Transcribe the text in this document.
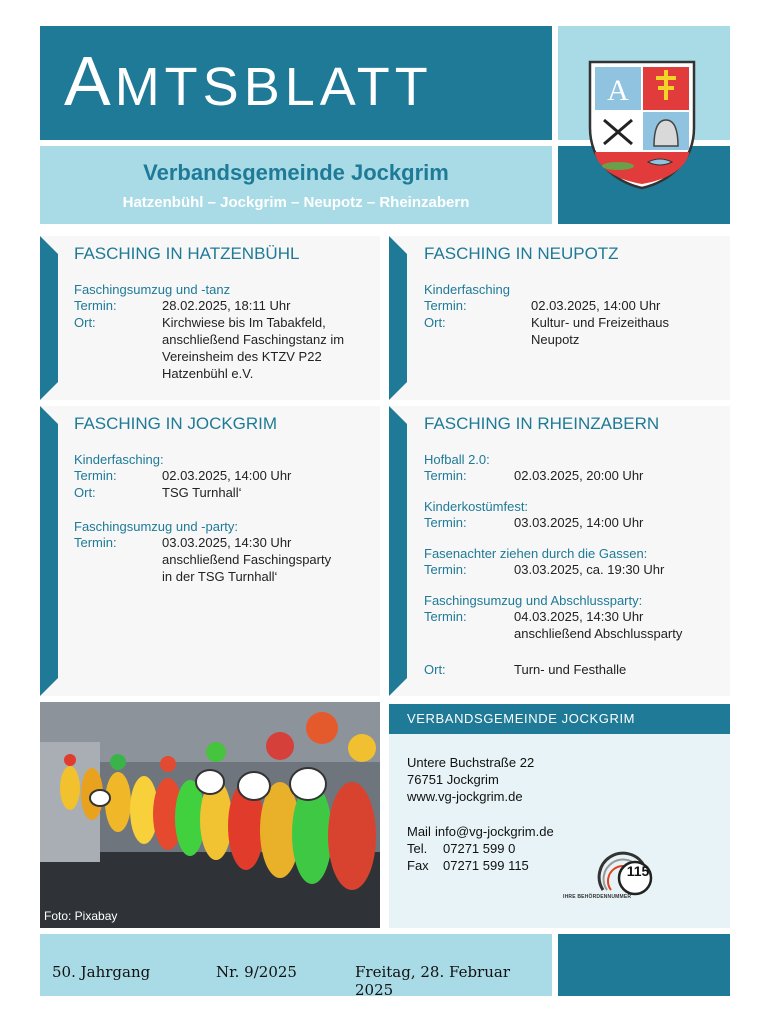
AMTSBLATT
Verbandsgemeinde Jockgrim
Hatzenbühl – Jockgrim – Neupotz – Rheinzabern
A
FASCHING IN HATZENBÜHL
Faschingsumzug und -tanz
Termin:	28.02.2025, 18:11 Uhr
Ort:	Kirchwiese bis Im Tabakfeld,
anschließend Faschingstanz im
Vereinsheim des KTZV P22
Hatzenbühl e.V.
FASCHING IN NEUPOTZ
Kinderfasching
Termin:	02.03.2025, 14:00 Uhr
Ort:	Kultur- und Freizeithaus
Neupotz
FASCHING IN JOCKGRIM
Kinderfasching:
Termin:	02.03.2025, 14:00 Uhr
Ort:	TSG Turnhall‘
Faschingsumzug und -party:
Termin:	03.03.2025, 14:30 Uhr
anschließend Faschingsparty
in der TSG Turnhall‘
FASCHING IN RHEINZABERN
Hofball 2.0:
Termin:	02.03.2025, 20:00 Uhr
Kinderkostümfest:
Termin:	03.03.2025, 14:00 Uhr
Fasenachter ziehen durch die Gassen:
Termin:	03.03.2025, ca. 19:30 Uhr
Faschingsumzug und Abschlussparty:
Termin:	04.03.2025, 14:30 Uhr
anschließend Abschlussparty
Ort:	Turn- und Festhalle
Foto: Pixabay
VERBANDSGEMEINDE JOCKGRIM
Untere Buchstraße 22
76751 Jockgrim
www.vg-jockgrim.de
Mail info@vg-jockgrim.de
Tel.	07271 599 0
Fax	07271 599 115	115
IHRE BEHÖRDENNUMMER
50. Jahrgang	Nr. 9/2025	Freitag, 28. Februar 2025
